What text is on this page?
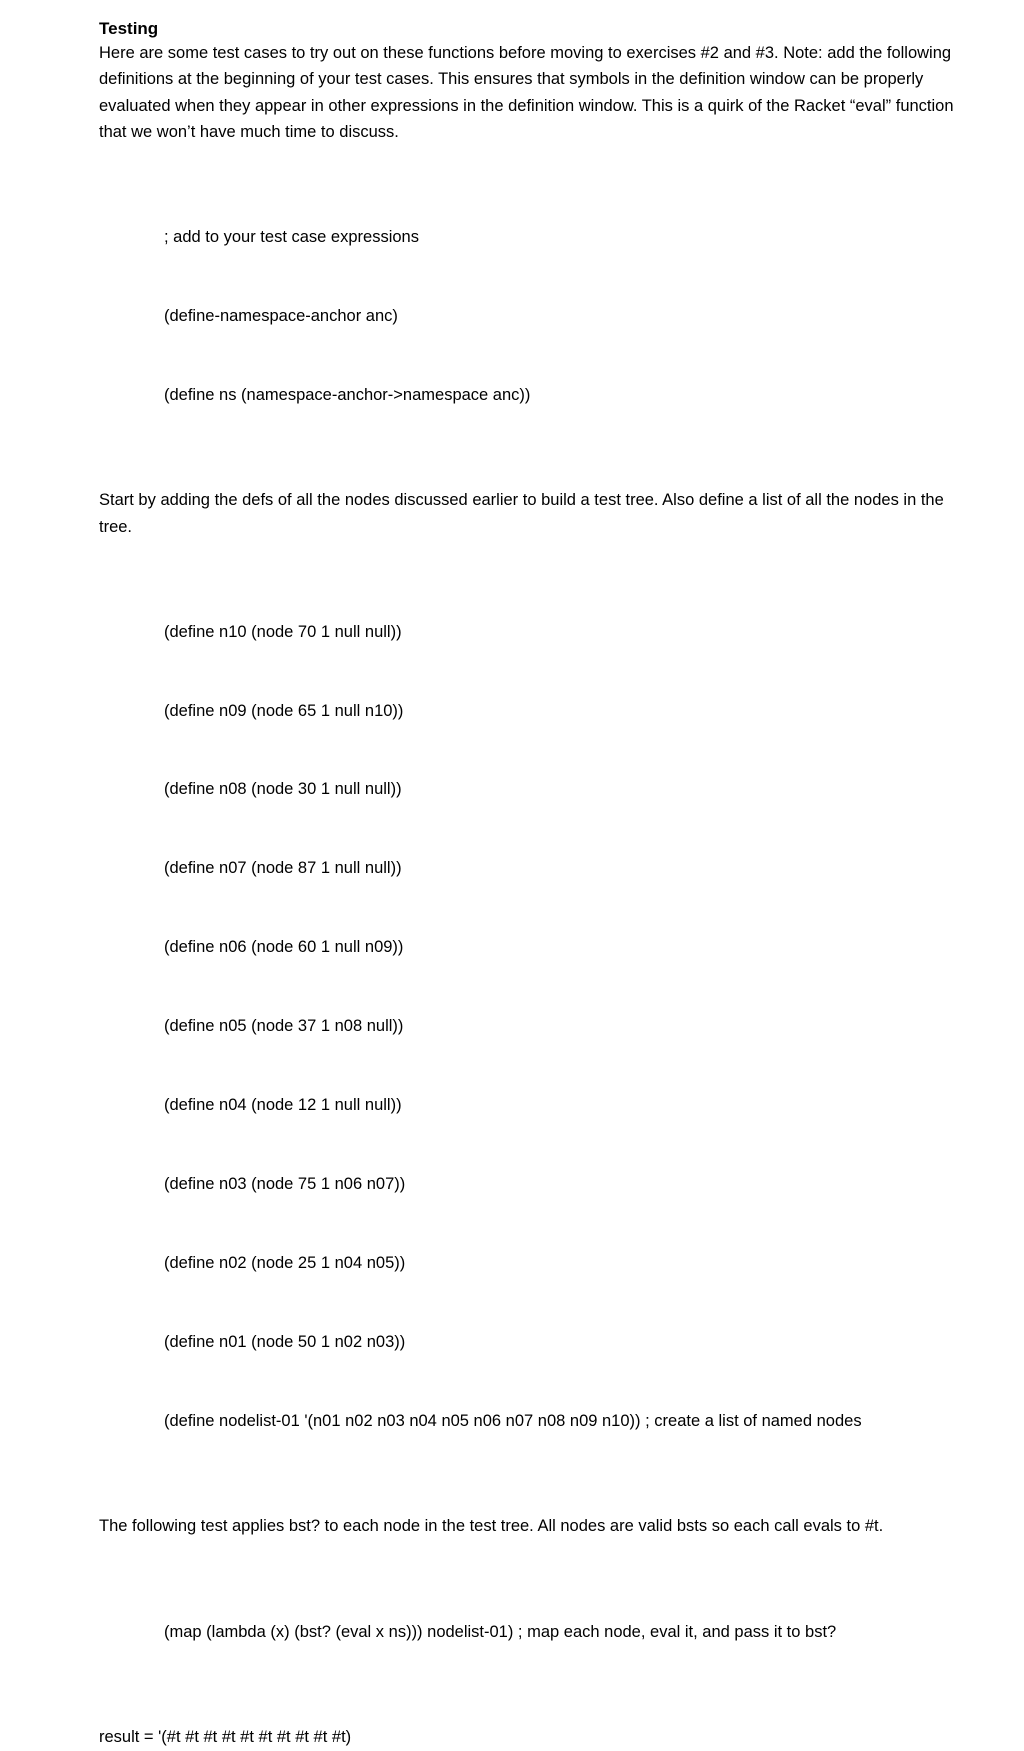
Testing

Here are some test cases to try out on these functions before moving to exercises #2 and #3. Note: add the following definitions at the beginning of your test cases. This ensures that symbols in the definition window can be properly evaluated when they appear in other expressions in the definition window. This is a quirk of the Racket “eval” function that we won’t have much time to discuss.

; add to your test case expressions

(define-namespace-anchor anc)

(define ns (namespace-anchor->namespace anc))

Start by adding the defs of all the nodes discussed earlier to build a test tree. Also define a list of all the nodes in the tree.

(define n10 (node 70 1 null null))

(define n09 (node 65 1 null n10))

(define n08 (node 30 1 null null))

(define n07 (node 87 1 null null))

(define n06 (node 60 1 null n09))

(define n05 (node 37 1 n08 null))

(define n04 (node 12 1 null null))

(define n03 (node 75 1 n06 n07))

(define n02 (node 25 1 n04 n05))

(define n01 (node 50 1 n02 n03))

(define nodelist-01 '(n01 n02 n03 n04 n05 n06 n07 n08 n09 n10)) ; create a list of named nodes

The following test applies bst? to each node in the test tree. All nodes are valid bsts so each call evals to #t.

(map (lambda (x) (bst? (eval x ns))) nodelist-01) ; map each node, eval it, and pass it to bst?

result = '(#t #t #t #t #t #t #t #t #t #t)
